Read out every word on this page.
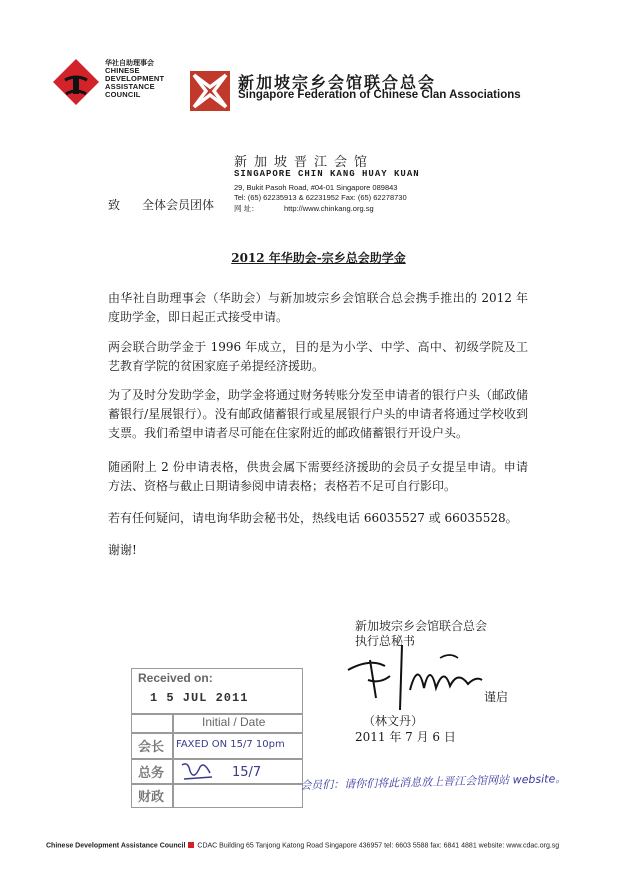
华社自助理事会
CHINESE
DEVELOPMENT
ASSISTANCE
COUNCIL
新加坡宗乡会馆联合总会
Singapore Federation of Chinese Clan Associations
新加坡晋江会馆
SINGAPORE CHIN KANG HUAY KUAN
29, Bukit Pasoh Road, #04-01 Singapore 089843
Tel: (65) 62235913 & 62231952 Fax: (65) 62278730
网 址：	http://www.chinkang.org.sg
致 全体会员团体
2012 年华助会-宗乡总会助学金

由华社自助理事会（华助会）与新加坡宗乡会馆联合总会携手推出的 2012 年度助学金，即日起正式接受申请。

两会联合助学金于 1996 年成立，目的是为小学、中学、高中、初级学院及工艺教育学院的贫困家庭子弟提经济援助。

为了及时分发助学金，助学金将通过财务转账分发至申请者的银行户头（邮政储蓄银行/星展银行）。没有邮政储蓄银行或星展银行户头的申请者将通过学校收到支票。我们希望申请者尽可能在住家附近的邮政储蓄银行开设户头。

随函附上 2 份申请表格，供贵会属下需要经济援助的会员子女提呈申请。申请方法、资格与截止日期请参阅申请表格；表格若不足可自行影印。

若有任何疑问，请电询华助会秘书处，热线电话 66035527 或 66035528。

谢谢!

新加坡宗乡会馆联合总会
执行总秘书
谨启
（林文丹）
2011 年 7 月 6 日
Received on:
1 5 JUL 2011
Initial / Date
会长 FAXED ON 15/7 10pm
总务	15/7
财政
会员们：请你们将此消息放上晋江会馆网站 website。
Chinese Development Assistance Council CDAC Building 65 Tanjong Katong Road Singapore 436957 tel: 6603 5588 fax: 6841 4881 website: www.cdac.org.sg
